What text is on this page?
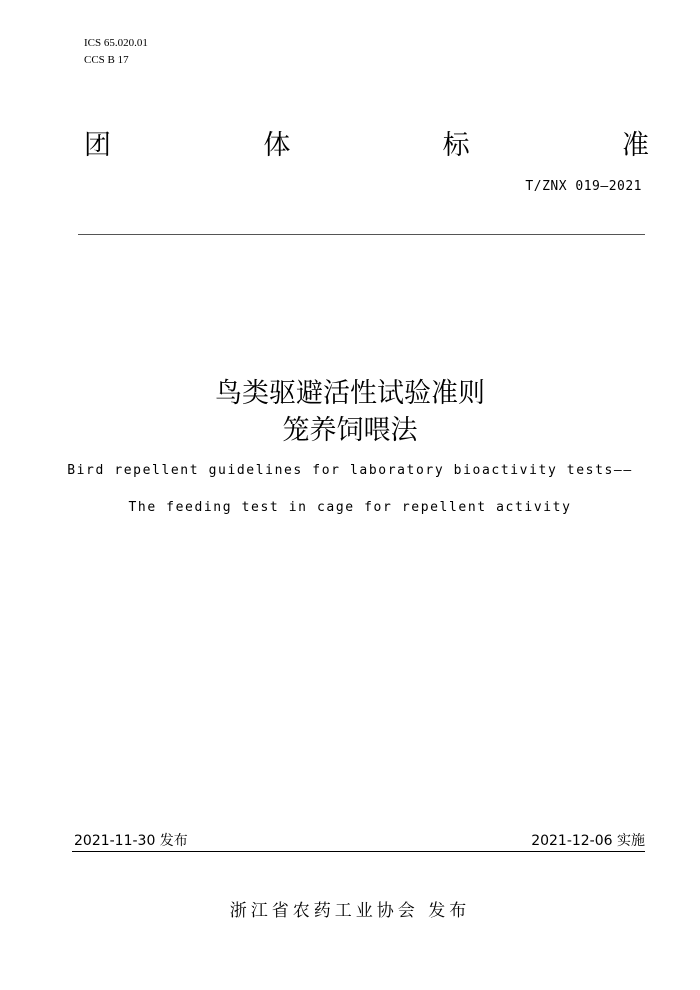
ICS 65.020.01
CCS B 17
团	体	标	准
T/ZNX 019—2021
鸟类驱避活性试验准则
笼养饲喂法
Bird repellent guidelines for laboratory bioactivity tests——
The feeding test in cage for repellent activity
2021-11-30 发布	2021-12-06 实施
浙江省农药工业协会 发布
